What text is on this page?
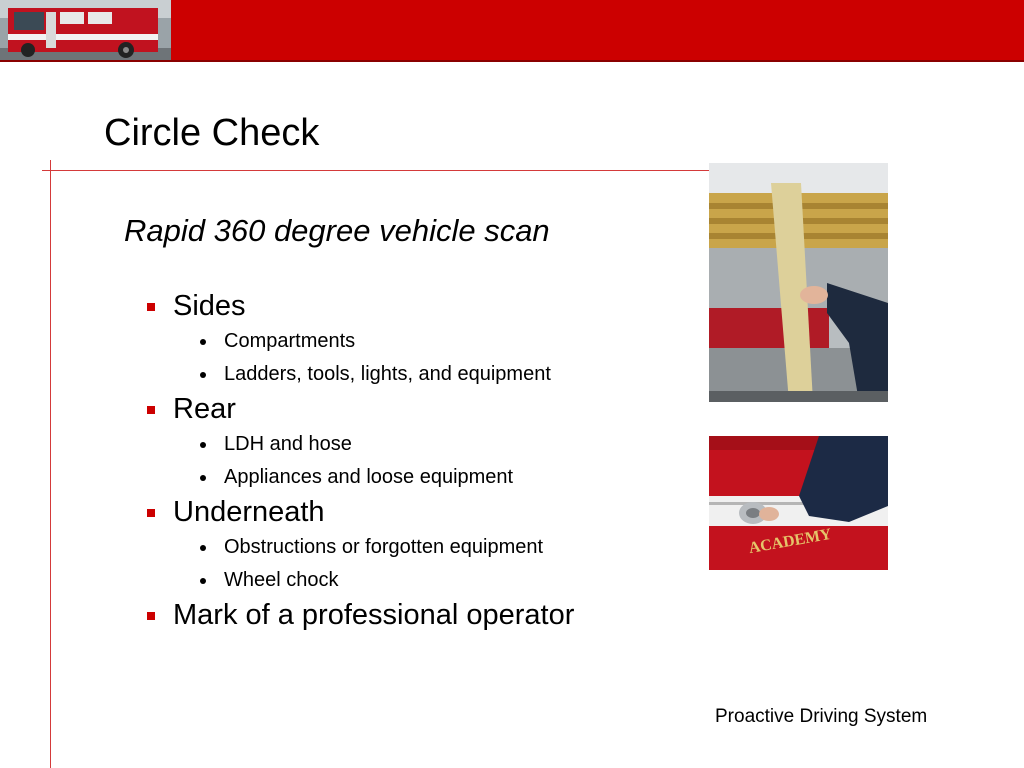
Circle Check
Rapid 360 degree vehicle scan
Sides
Compartments
Ladders, tools, lights, and equipment
Rear
LDH and hose
Appliances and loose equipment
Underneath
Obstructions or forgotten equipment
Wheel chock
Mark of a professional operator
ACADEMY
Proactive Driving System
